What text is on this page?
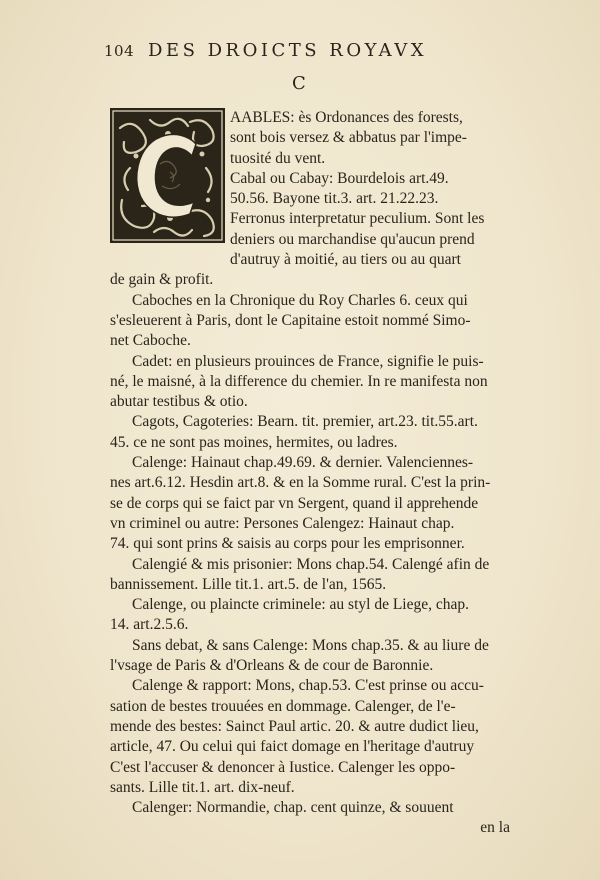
104 DES DROICTS ROYAVX
C
AABLES: ès Ordonances des forests,
sont bois versez & abbatus par l'impe-
tuosité du vent.
Cabal ou Cabay: Bourdelois art.49.
50.56. Bayone tit.3. art. 21.22.23.
Ferronus interpretatur peculium. Sont les
deniers ou marchandise qu'aucun prend
d'autruy à moitié, au tiers ou au quart
de gain & profit.
Caboches en la Chronique du Roy Charles 6. ceux qui
s'esleuerent à Paris, dont le Capitaine estoit nommé Simo-
net Caboche.
Cadet: en plusieurs prouinces de France, signifie le puis-
né, le maisné, à la difference du chemier. In re manifesta non
abutar testibus & otio.
Cagots, Cagoteries: Bearn. tit. premier, art.23. tit.55.art.
45. ce ne sont pas moines, hermites, ou ladres.
Calenge: Hainaut chap.49.69. & dernier. Valenciennes-
nes art.6.12. Hesdin art.8. & en la Somme rural. C'est la prin-
se de corps qui se faict par vn Sergent, quand il apprehende
vn criminel ou autre: Persones Calengez: Hainaut chap.
74. qui sont prins & saisis au corps pour les emprisonner.
Calengié & mis prisonier: Mons chap.54. Calengé afin de
bannissement. Lille tit.1. art.5. de l'an, 1565.
Calenge, ou plaincte criminele: au styl de Liege, chap.
14. art.2.5.6.
Sans debat, & sans Calenge: Mons chap.35. & au liure de
l'vsage de Paris & d'Orleans & de cour de Baronnie.
Calenge & rapport: Mons, chap.53. C'est prinse ou accu-
sation de bestes trouuées en dommage. Calenger, de l'e-
mende des bestes: Sainct Paul artic. 20. & autre dudict lieu,
article, 47. Ou celui qui faict domage en l'heritage d'autruy
C'est l'accuser & denoncer à Iustice. Calenger les oppo-
sants. Lille tit.1. art. dix-neuf.
Calenger: Normandie, chap. cent quinze, & souuent
en la
